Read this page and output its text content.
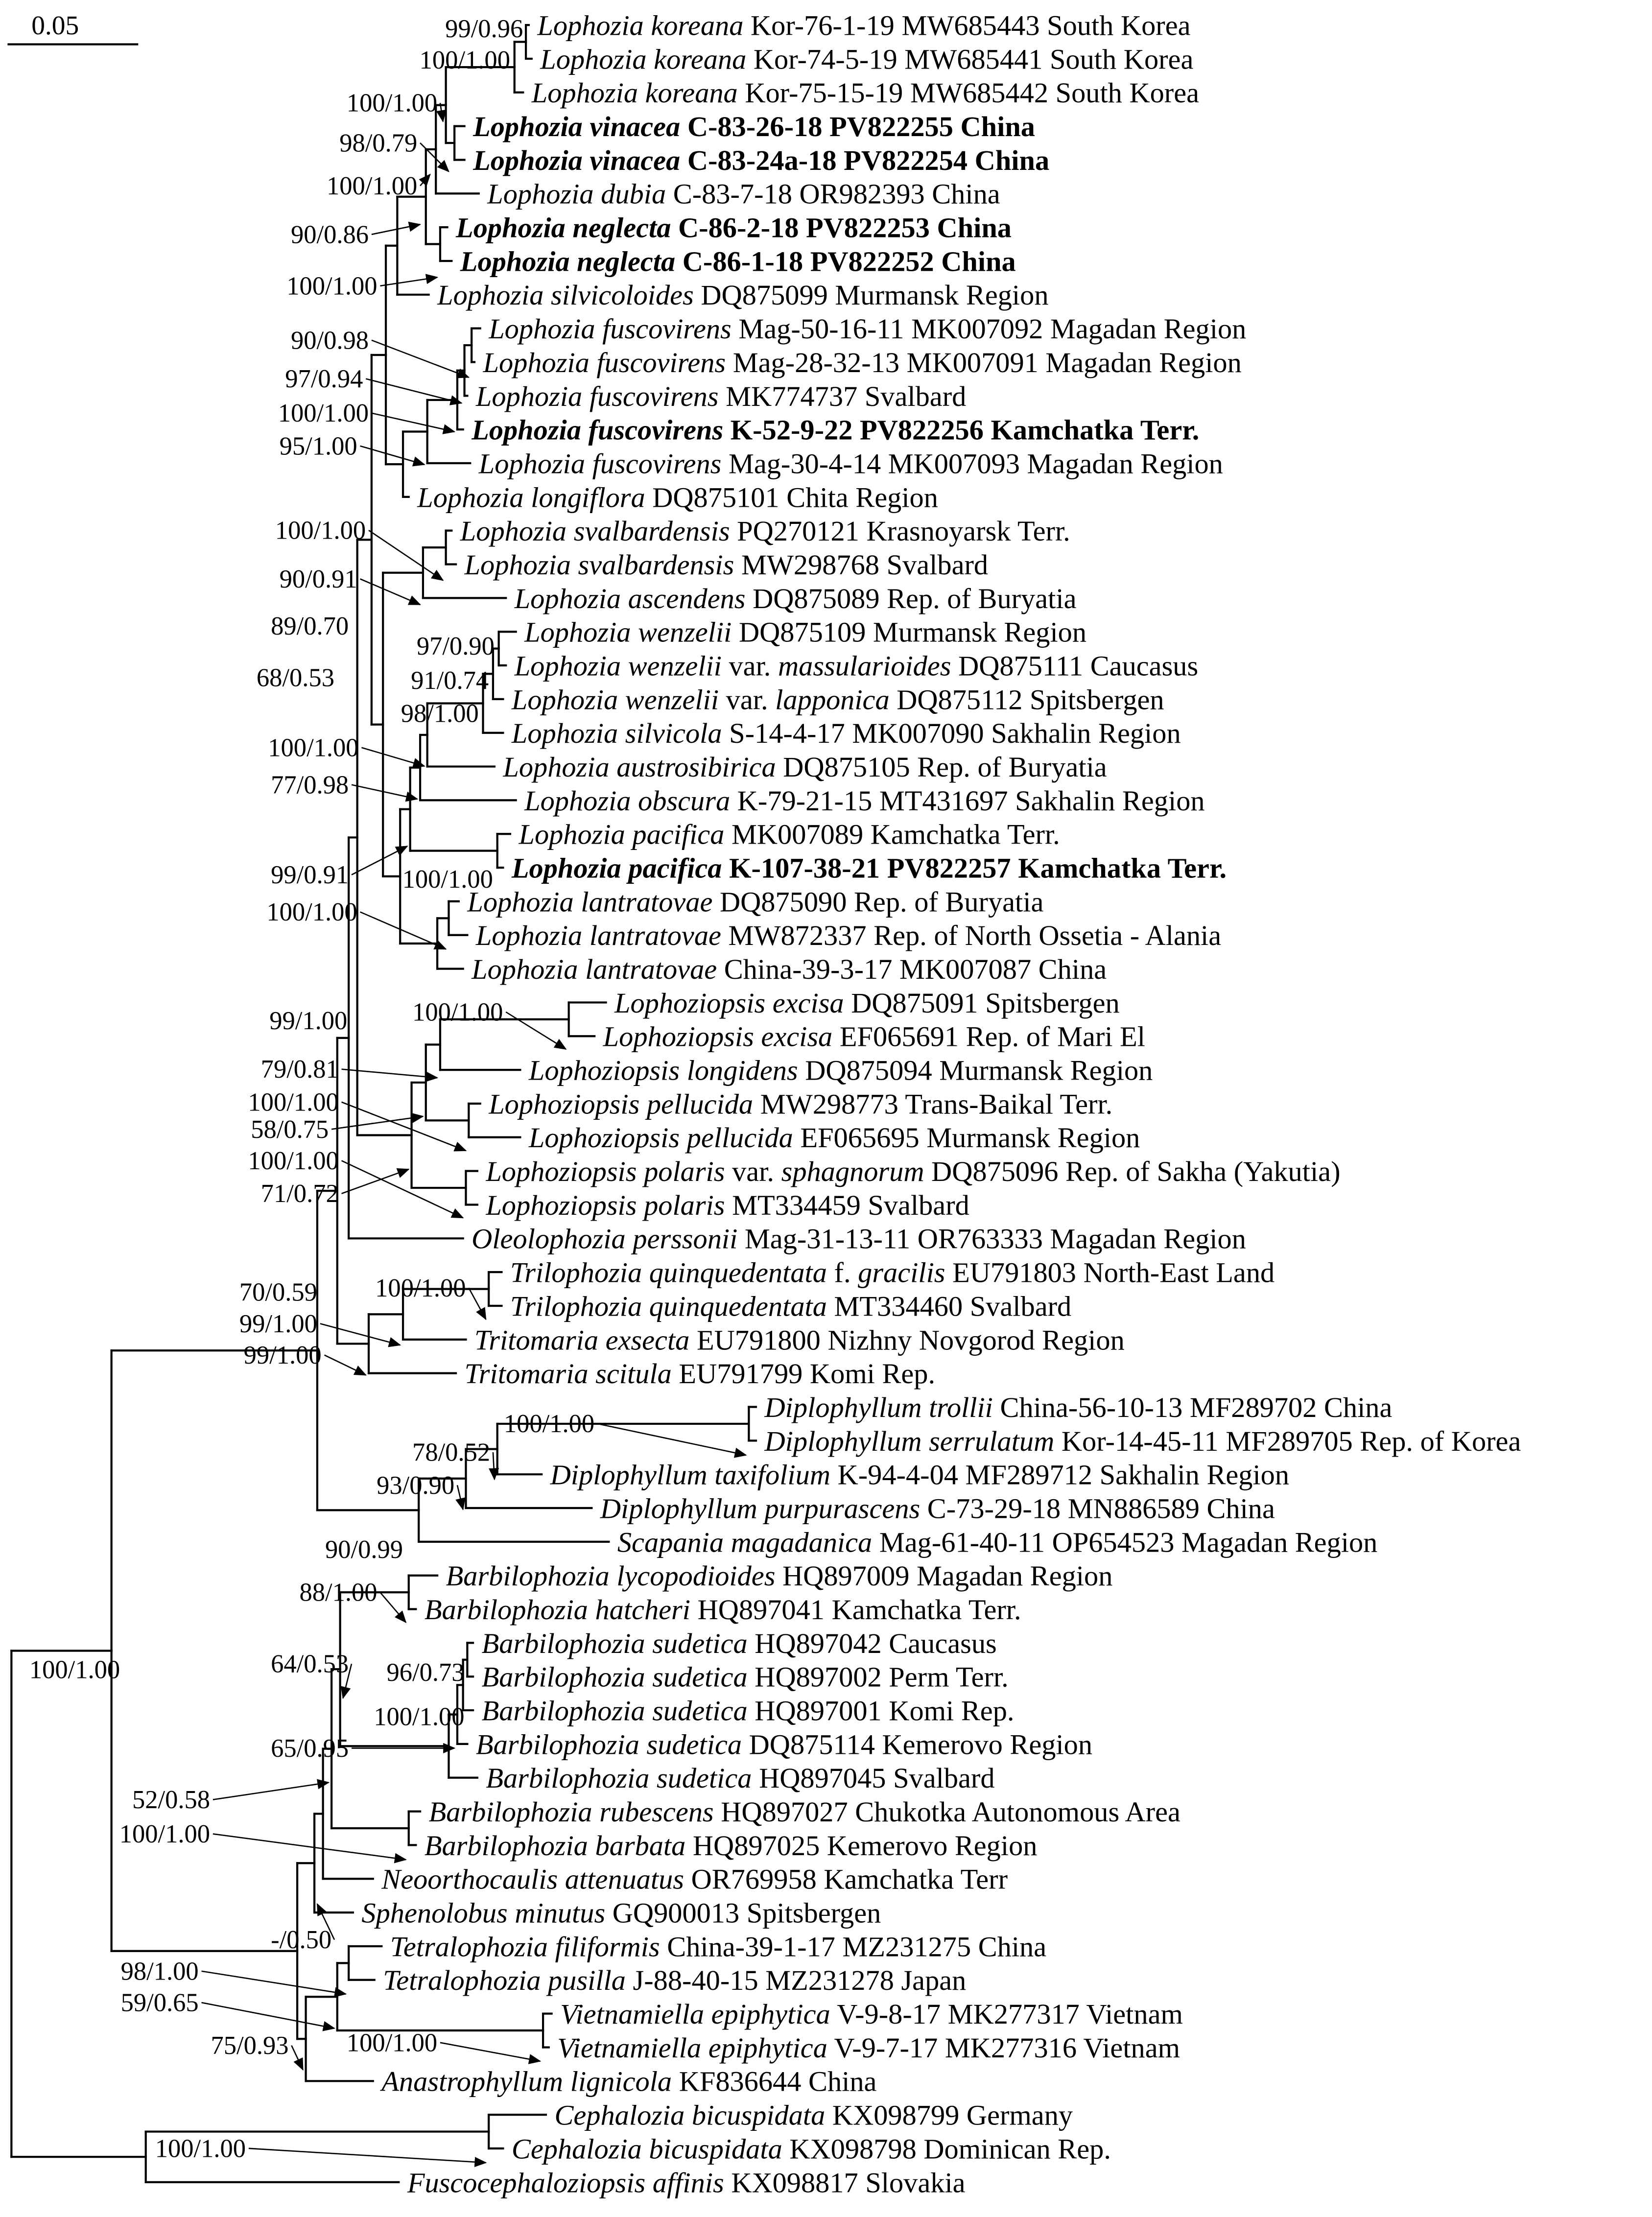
0.05	Lophozia koreana Kor-76-1-19 MW685443 South Korea
Lophozia koreana Kor-74-5-19 MW685441 South Korea
Lophozia koreana Kor-75-15-19 MW685442 South Korea
Lophozia vinacea C-83-26-18 PV822255 China
Lophozia vinacea C-83-24a-18 PV822254 China
Lophozia dubia C-83-7-18 OR982393 China
Lophozia neglecta C-86-2-18 PV822253 China
Lophozia neglecta C-86-1-18 PV822252 China
Lophozia silvicoloides DQ875099 Murmansk Region
Lophozia fuscovirens Mag-50-16-11 MK007092 Magadan Region
Lophozia fuscovirens Mag-28-32-13 MK007091 Magadan Region
Lophozia fuscovirens MK774737 Svalbard
Lophozia fuscovirens K-52-9-22 PV822256 Kamchatka Terr.
Lophozia fuscovirens Mag-30-4-14 MK007093 Magadan Region
Lophozia longiflora DQ875101 Chita Region
Lophozia svalbardensis PQ270121 Krasnoyarsk Terr.
Lophozia svalbardensis MW298768 Svalbard
Lophozia ascendens DQ875089 Rep. of Buryatia
Lophozia wenzelii DQ875109 Murmansk Region
Lophozia wenzelii var. massularioides DQ875111 Caucasus
Lophozia wenzelii var. lapponica DQ875112 Spitsbergen
Lophozia silvicola S-14-4-17 MK007090 Sakhalin Region
Lophozia austrosibirica DQ875105 Rep. of Buryatia
Lophozia obscura K-79-21-15 MT431697 Sakhalin Region
Lophozia pacifica MK007089 Kamchatka Terr.
Lophozia pacifica K-107-38-21 PV822257 Kamchatka Terr.
Lophozia lantratovae DQ875090 Rep. of Buryatia
Lophozia lantratovae MW872337 Rep. of North Ossetia - Alania
Lophozia lantratovae China-39-3-17 MK007087 China
Lophoziopsis excisa DQ875091 Spitsbergen
Lophoziopsis excisa EF065691 Rep. of Mari El
Lophoziopsis longidens DQ875094 Murmansk Region
Lophoziopsis pellucida MW298773 Trans-Baikal Terr.
Lophoziopsis pellucida EF065695 Murmansk Region
Lophoziopsis polaris var. sphagnorum DQ875096 Rep. of Sakha (Yakutia)
Lophoziopsis polaris MT334459 Svalbard
Oleolophozia perssonii Mag-31-13-11 OR763333 Magadan Region
Trilophozia quinquedentata f. gracilis EU791803 North-East Land
Trilophozia quinquedentata MT334460 Svalbard
Tritomaria exsecta EU791800 Nizhny Novgorod Region
Tritomaria scitula EU791799 Komi Rep.
Diplophyllum trollii China-56-10-13 MF289702 China
Diplophyllum serrulatum Kor-14-45-11 MF289705 Rep. of Korea
Diplophyllum taxifolium K-94-4-04 MF289712 Sakhalin Region
Diplophyllum purpurascens C-73-29-18 MN886589 China
Scapania magadanica Mag-61-40-11 OP654523 Magadan Region
Barbilophozia lycopodioides HQ897009 Magadan Region
Barbilophozia hatcheri HQ897041 Kamchatka Terr.
Barbilophozia sudetica HQ897042 Caucasus
Barbilophozia sudetica HQ897002 Perm Terr.
Barbilophozia sudetica HQ897001 Komi Rep.
Barbilophozia sudetica DQ875114 Kemerovo Region
Barbilophozia sudetica HQ897045 Svalbard
Barbilophozia rubescens HQ897027 Chukotka Autonomous Area
Barbilophozia barbata HQ897025 Kemerovo Region
Neoorthocaulis attenuatus OR769958 Kamchatka Terr
Sphenolobus minutus GQ900013 Spitsbergen
Tetralophozia filiformis China-39-1-17 MZ231275 China
Tetralophozia pusilla J-88-40-15 MZ231278 Japan
Vietnamiella epiphytica V-9-8-17 MK277317 Vietnam
Vietnamiella epiphytica V-9-7-17 MK277316 Vietnam
Anastrophyllum lignicola KF836644 China
Cephalozia bicuspidata KX098799 Germany
Cephalozia bicuspidata KX098798 Dominican Rep.
Fuscocephaloziopsis affinis KX098817 Slovakia
99/0.96
100/1.00
100/1.00
98/0.79
100/1.00
90/0.86
100/1.00
90/0.98
97/0.94
100/1.00
95/1.00
100/1.00
90/0.91
89/0.70
97/0.90
91/0.74
68/0.53
98/1.00
100/1.00
77/0.98
99/0.91	100/1.00
100/1.00
99/1.00	100/1.00
79/0.81
100/1.00
58/0.75
100/1.00
71/0.72
70/0.59	100/1.00
99/1.00
99/1.00
100/1.00
78/0.52
93/0.90
90/0.99
88/1.00
64/0.53	96/0.73
100/1.00
65/0.95
52/0.58
100/1.00
100/1.00
-/0.50
98/1.00
59/0.65
75/0.93	100/1.00
100/1.00
